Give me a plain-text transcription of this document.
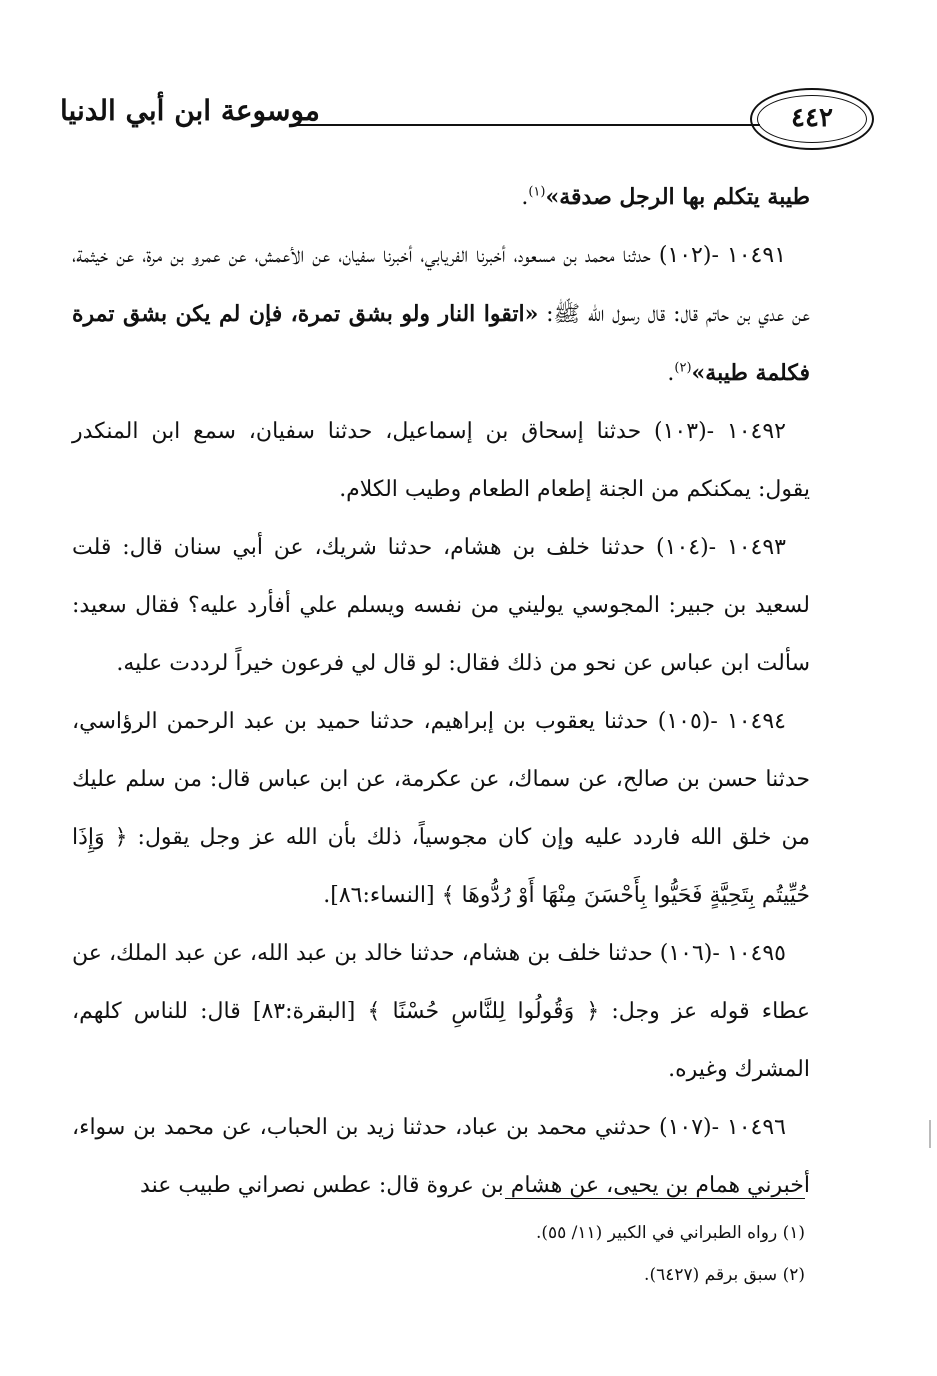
موسوعة ابن أبي الدنيا	٤٤٢

طيبة يتكلم بها الرجل صدقة»$^{(١)}$.

١٠٤٩١ -(١٠٢) حدثنا محمد بن مسعود، أخبرنا الفريابي، أخبرنا سفيان، عن الأعمش، عن عمرو بن مرة، عن خيثمة، عن عدي بن حاتم قال: قال رسول الله ﷺ: «اتقوا النار ولو بشق تمرة، فإن لم يكن بشق تمرة فكلمة طيبة»$^{(٢)}$.

١٠٤٩٢ -(١٠٣) حدثنا إسحاق بن إسماعيل، حدثنا سفيان، سمع ابن المنكدر يقول: يمكنكم من الجنة إطعام الطعام وطيب الكلام.

١٠٤٩٣ -(١٠٤) حدثنا خلف بن هشام، حدثنا شريك، عن أبي سنان قال: قلت لسعيد بن جبير: المجوسي يوليني من نفسه ويسلم علي أفأرد عليه؟ فقال سعيد: سألت ابن عباس عن نحو من ذلك فقال: لو قال لي فرعون خيراً لرددت عليه.

١٠٤٩٤ -(١٠٥) حدثنا يعقوب بن إبراهيم، حدثنا حميد بن عبد الرحمن الرؤاسي، حدثنا حسن بن صالح، عن سماك، عن عكرمة، عن ابن عباس قال: من سلم عليك من خلق الله فاردد عليه وإن كان مجوسياً، ذلك بأن الله عز وجل يقول: ﴿ وَإِذَا حُيِّيتُم بِتَحِيَّةٍ فَحَيُّوا بِأَحْسَنَ مِنْهَا أَوْ رُدُّوهَا ﴾ [النساء:٨٦].

١٠٤٩٥ -(١٠٦) حدثنا خلف بن هشام، حدثنا خالد بن عبد الله، عن عبد الملك، عن عطاء قوله عز وجل: ﴿ وَقُولُوا لِلنَّاسِ حُسْنًا ﴾ [البقرة:٨٣] قال: للناس كلهم، المشرك وغيره.

١٠٤٩٦ -(١٠٧) حدثني محمد بن عباد، حدثنا زيد بن الحباب، عن محمد بن سواء، أخبرني همام بن يحيى، عن هشام بن عروة قال: عطس نصراني طبيب عند

(١) رواه الطبراني في الكبير (١١/ ٥٥).

(٢) سبق برقم (٦٤٢٧).
